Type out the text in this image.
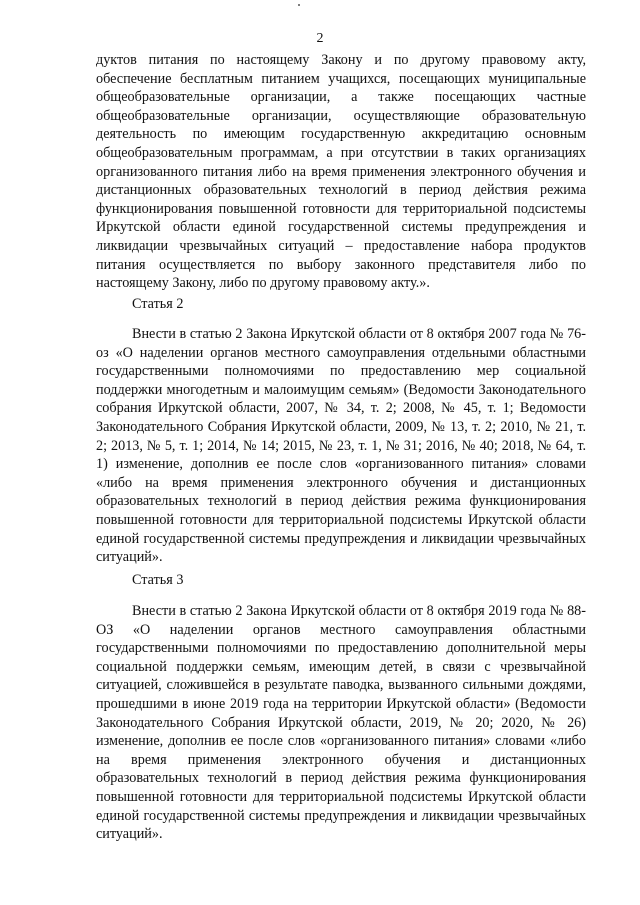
2

дуктов питания по настоящему Закону и по другому правовому акту, обеспечение бесплатным питанием учащихся, посещающих муниципальные общеобразовательные организации, а также посещающих частные общеобразовательные организации, осуществляющие образовательную деятельность по имеющим государственную аккредитацию основным общеобразовательным программам, а при отсутствии в таких организациях организованного питания либо на время применения электронного обучения и дистанционных образовательных технологий в период действия режима функционирования повышенной готовности для территориальной подсистемы Иркутской области единой государственной системы предупреждения и ликвидации чрезвычайных ситуаций – предоставление набора продуктов питания осуществляется по выбору законного представителя либо по настоящему Закону, либо по другому правовому акту.».

Статья 2

Внести в статью 2 Закона Иркутской области от 8 октября 2007 года № 76-оз «О наделении органов местного самоуправления отдельными областными государственными полномочиями по предоставлению мер социальной поддержки многодетным и малоимущим семьям» (Ведомости Законодательного собрания Иркутской области, 2007, № 34, т. 2; 2008, № 45, т. 1; Ведомости Законодательного Собрания Иркутской области, 2009, № 13, т. 2; 2010, № 21, т. 2; 2013, № 5, т. 1; 2014, № 14; 2015, № 23, т. 1, № 31; 2016, № 40; 2018, № 64, т. 1) изменение, дополнив ее после слов «организованного питания» словами «либо на время применения электронного обучения и дистанционных образовательных технологий в период действия режима функционирования повышенной готовности для территориальной подсистемы Иркутской области единой государственной системы предупреждения и ликвидации чрезвычайных ситуаций».

Статья 3

Внести в статью 2 Закона Иркутской области от 8 октября 2019 года № 88-ОЗ «О наделении органов местного самоуправления областными государственными полномочиями по предоставлению дополнительной меры социальной поддержки семьям, имеющим детей, в связи с чрезвычайной ситуацией, сложившейся в результате паводка, вызванного сильными дождями, прошедшими в июне 2019 года на территории Иркутской области» (Ведомости Законодательного Собрания Иркутской области, 2019, № 20; 2020, № 26) изменение, дополнив ее после слов «организованного питания» словами «либо на время применения электронного обучения и дистанционных образовательных технологий в период действия режима функционирования повышенной готовности для территориальной подсистемы Иркутской области единой государственной системы предупреждения и ликвидации чрезвычайных ситуаций».
